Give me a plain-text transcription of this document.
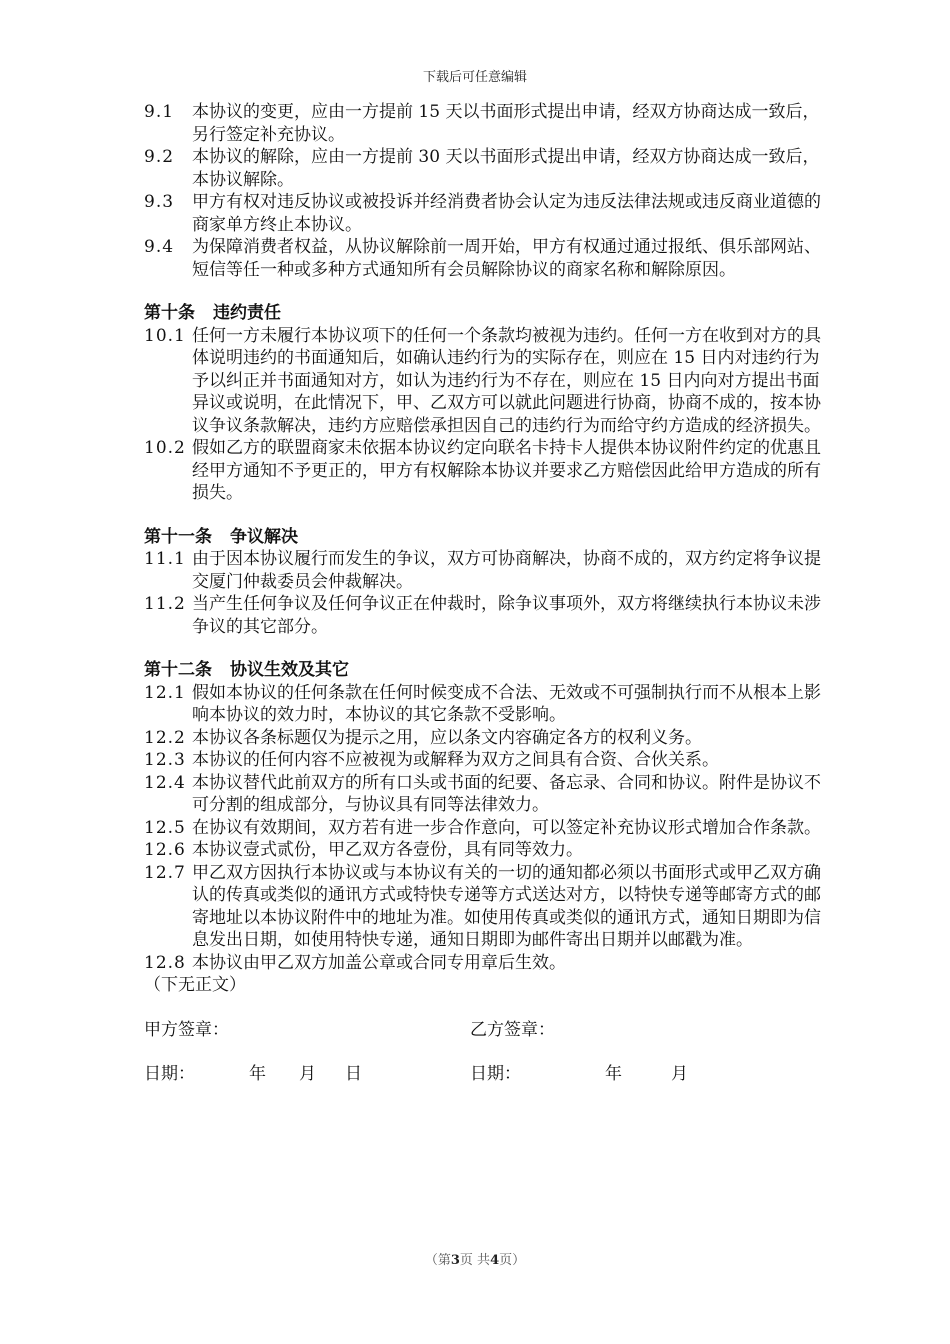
下载后可任意编辑
9.1 本协议的变更，应由一方提前 15 天以书面形式提出申请，经双方协商达成一致后，另行签定补充协议。
9.2 本协议的解除，应由一方提前 30 天以书面形式提出申请，经双方协商达成一致后，本协议解除。
9.3 甲方有权对违反协议或被投诉并经消费者协会认定为违反法律法规或违反商业道德的商家单方终止本协议。
9.4 为保障消费者权益，从协议解除前一周开始，甲方有权通过通过报纸、俱乐部网站、短信等任一种或多种方式通知所有会员解除协议的商家名称和解除原因。
第十条 违约责任
10.1 任何一方未履行本协议项下的任何一个条款均被视为违约。任何一方在收到对方的具体说明违约的书面通知后，如确认违约行为的实际存在，则应在 15 日内对违约行为予以纠正并书面通知对方，如认为违约行为不存在，则应在 15 日内向对方提出书面异议或说明，在此情况下，甲、乙双方可以就此问题进行协商，协商不成的，按本协议争议条款解决，违约方应赔偿承担因自己的违约行为而给守约方造成的经济损失。
10.2 假如乙方的联盟商家未依据本协议约定向联名卡持卡人提供本协议附件约定的优惠且经甲方通知不予更正的，甲方有权解除本协议并要求乙方赔偿因此给甲方造成的所有损失。
第十一条 争议解决
11.1 由于因本协议履行而发生的争议，双方可协商解决，协商不成的，双方约定将争议提交厦门仲裁委员会仲裁解决。
11.2 当产生任何争议及任何争议正在仲裁时，除争议事项外，双方将继续执行本协议未涉争议的其它部分。
第十二条 协议生效及其它
12.1 假如本协议的任何条款在任何时候变成不合法、无效或不可强制执行而不从根本上影响本协议的效力时，本协议的其它条款不受影响。
12.2 本协议各条标题仅为提示之用，应以条文内容确定各方的权利义务。
12.3 本协议的任何内容不应被视为或解释为双方之间具有合资、合伙关系。
12.4 本协议替代此前双方的所有口头或书面的纪要、备忘录、合同和协议。附件是协议不可分割的组成部分，与协议具有同等法律效力。
12.5 在协议有效期间，双方若有进一步合作意向，可以签定补充协议形式增加合作条款。
12.6 本协议壹式贰份，甲乙双方各壹份，具有同等效力。
12.7 甲乙双方因执行本协议或与本协议有关的一切的通知都必须以书面形式或甲乙双方确认的传真或类似的通讯方式或特快专递等方式送达对方，以特快专递等邮寄方式的邮寄地址以本协议附件中的地址为准。如使用传真或类似的通讯方式，通知日期即为信息发出日期，如使用特快专递，通知日期即为邮件寄出日期并以邮戳为准。
12.8 本协议由甲乙双方加盖公章或合同专用章后生效。
（下无正文）
甲方签章：	乙方签章：
日期：	年 月 日	日期：	年	月
（第3页 共4页）
